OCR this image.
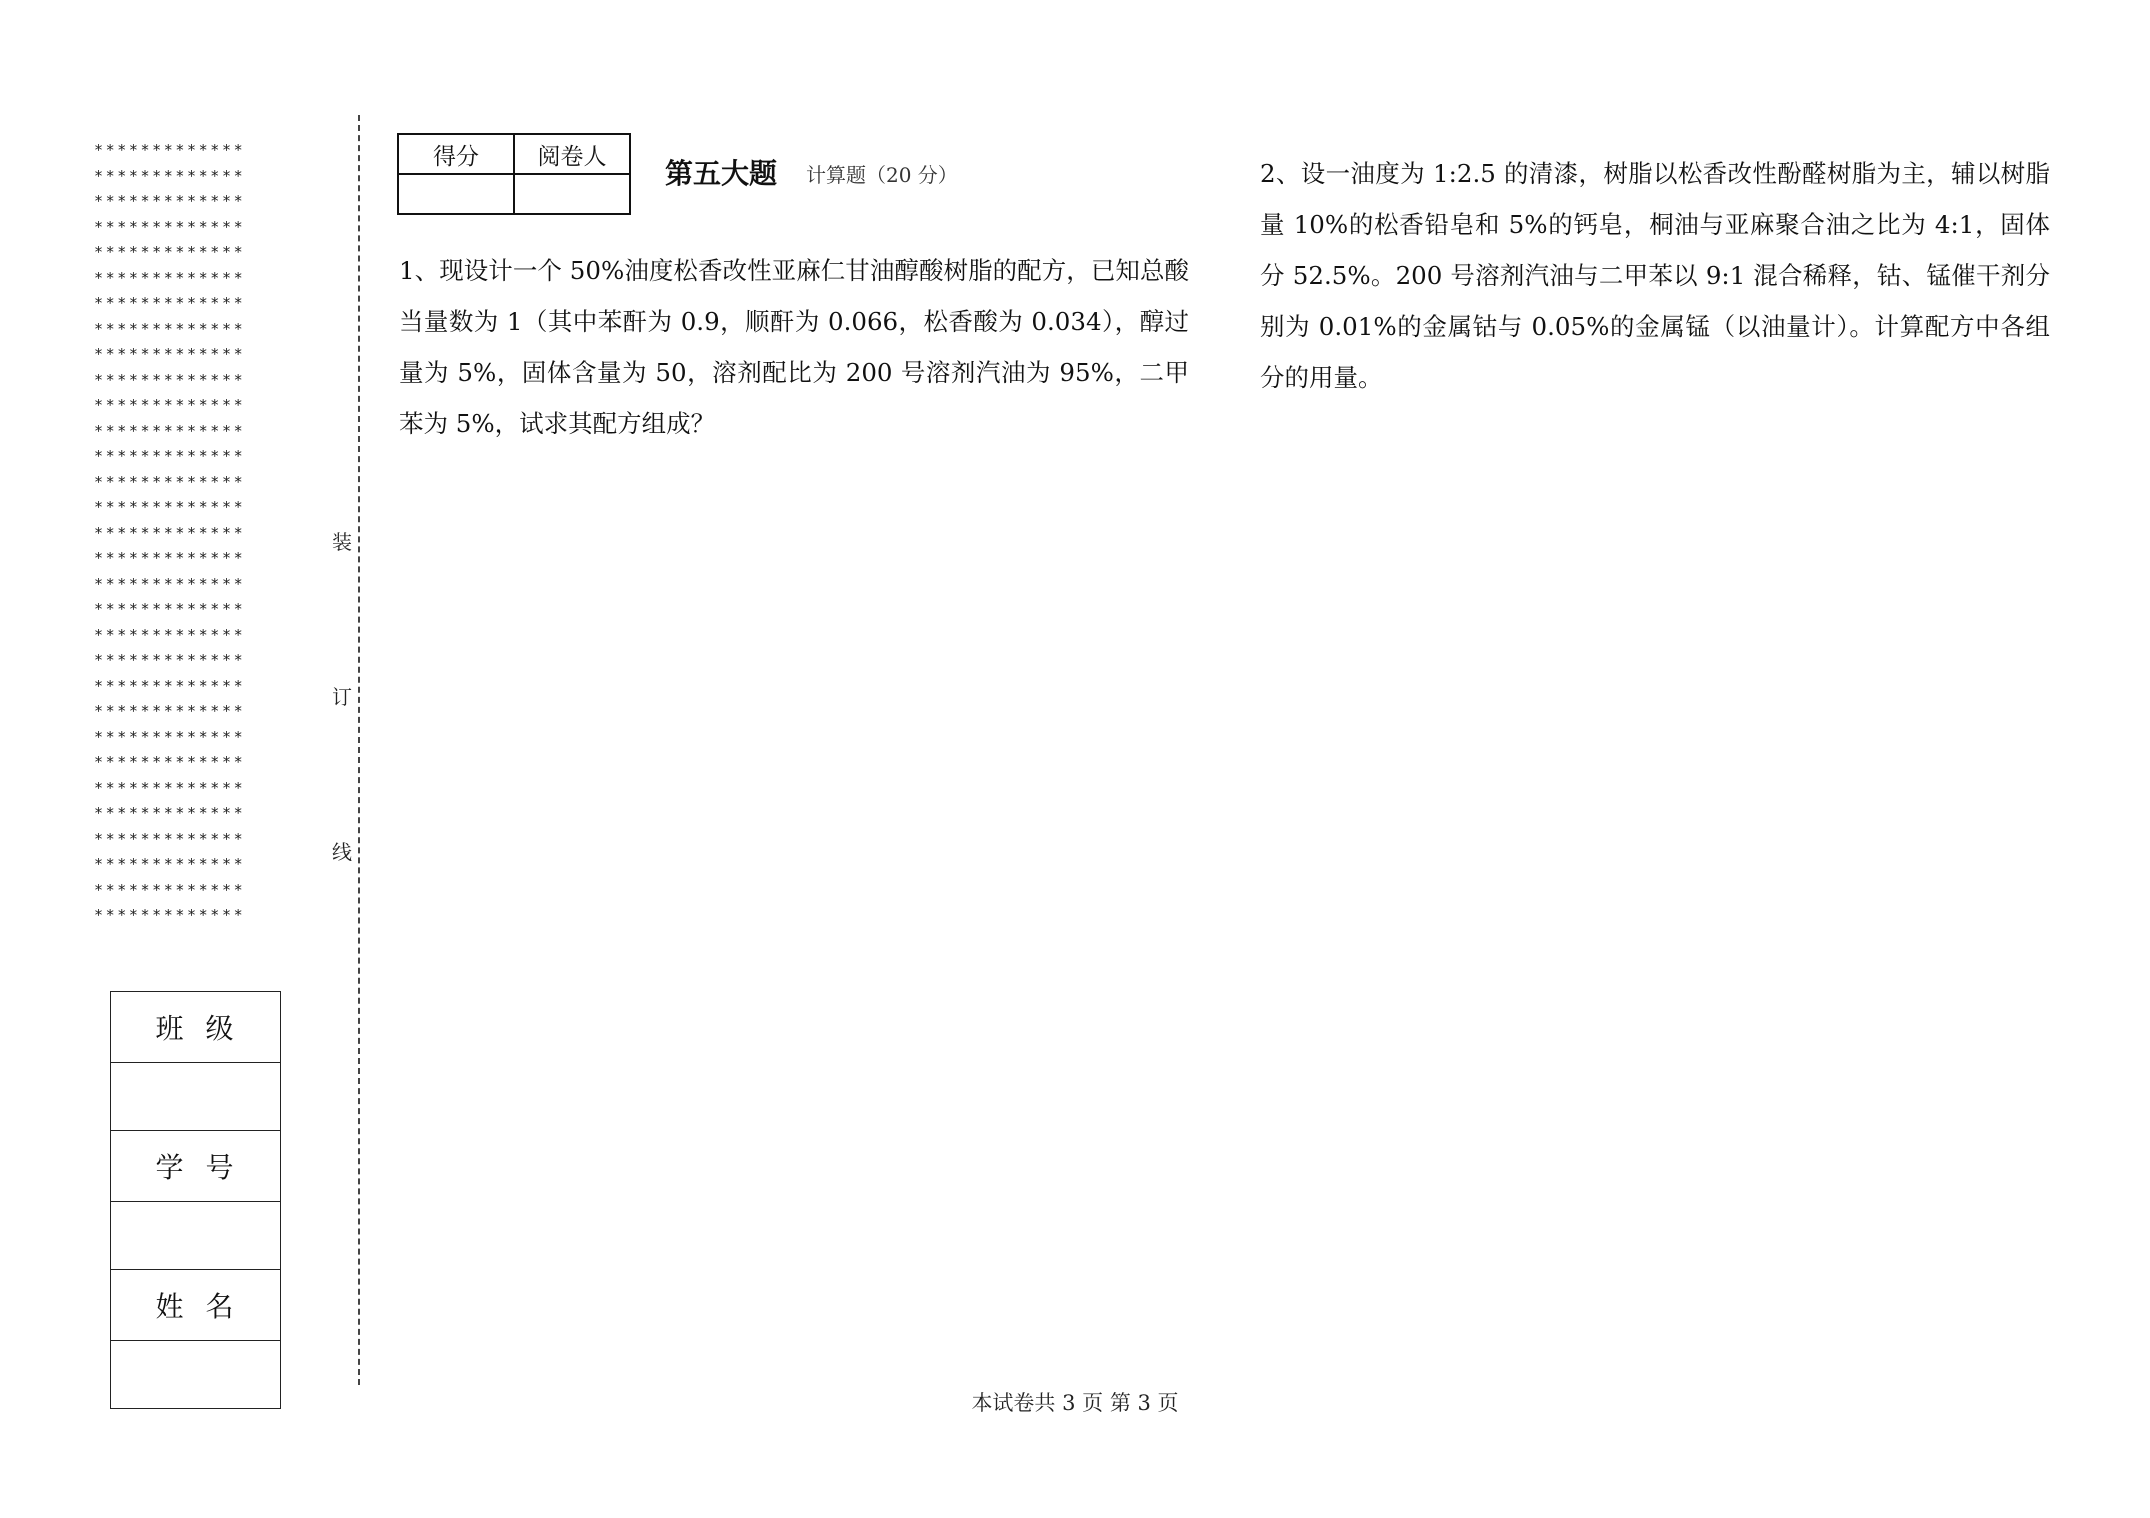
*************
*************
*************
*************
*************
*************
*************
*************
*************
*************
*************
*************
*************
*************
*************
*************
*************
*************
*************
*************
*************
*************
*************
*************
*************
*************
*************
*************
*************
*************
*************
班级

学号

姓名

装
订
线
得分	阅卷人

第五大题 计算题（20 分）

1、现设计一个 50%油度松香改性亚麻仁甘油醇酸树脂的配方，已知总酸当量数为 1（其中苯酐为 0.9，顺酐为 0.066，松香酸为 0.034），醇过量为 5%，固体含量为 50，溶剂配比为 200 号溶剂汽油为 95%，二甲苯为 5%，试求其配方组成？

2、设一油度为 1:2.5 的清漆，树脂以松香改性酚醛树脂为主，辅以树脂量 10%的松香铅皂和 5%的钙皂，桐油与亚麻聚合油之比为 4:1，固体分 52.5%。200 号溶剂汽油与二甲苯以 9:1 混合稀释，钴、锰催干剂分别为 0.01%的金属钴与 0.05%的金属锰（以油量计）。计算配方中各组分的用量。

本试卷共 3 页 第 3 页
